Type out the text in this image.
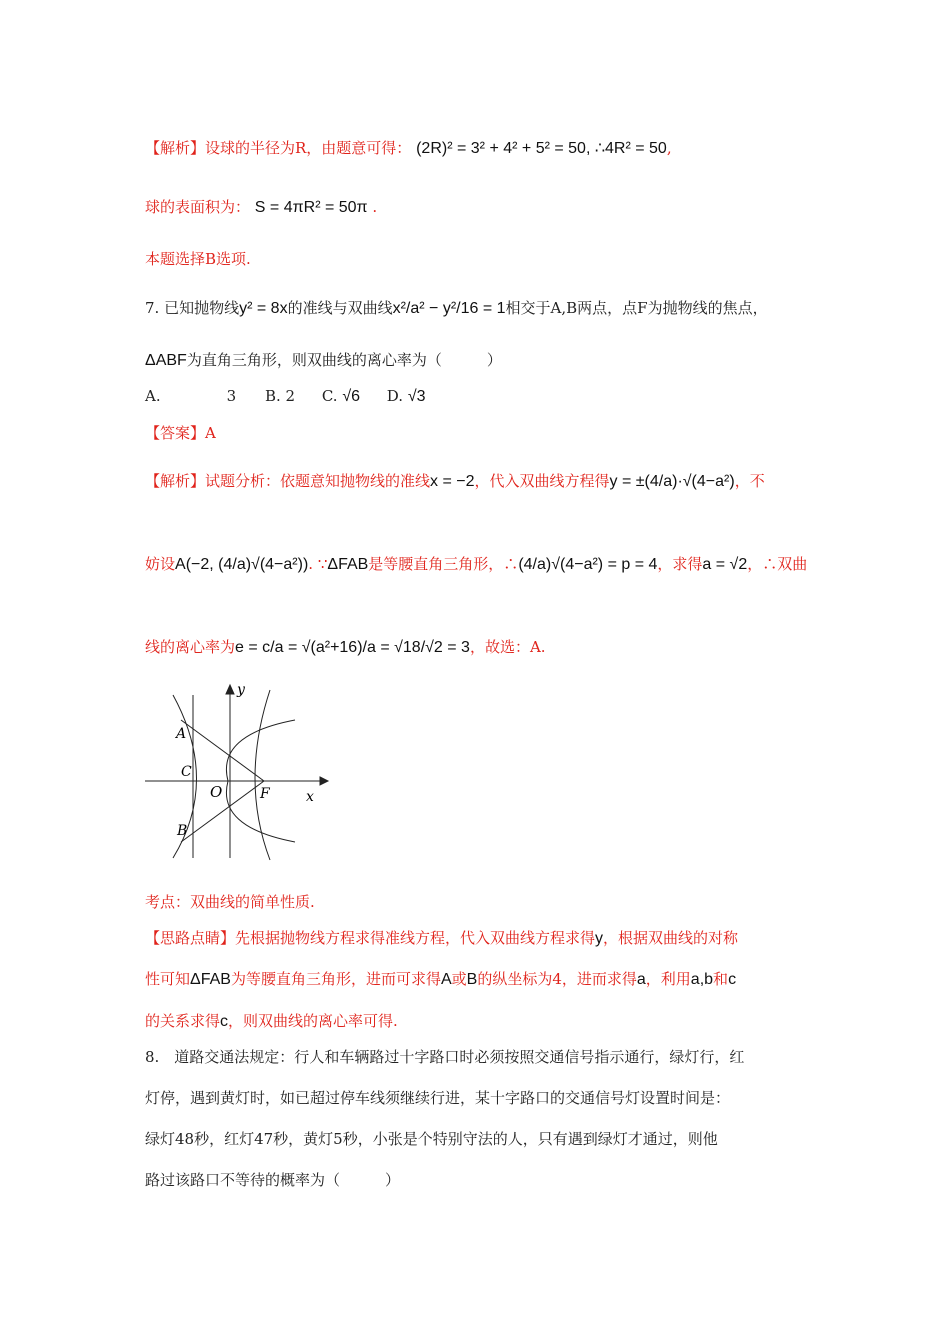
【解析】设球的半径为R，由题意可得： (2R)² = 3² + 4² + 5² = 50, ∴4R² = 50,
球的表面积为： S = 4πR² = 50π .
本题选择B选项.
7. 已知抛物线y² = 8x的准线与双曲线x²/a² − y²/16 = 1相交于A,B两点，点F为抛物线的焦点，
ΔABF为直角三角形，则双曲线的离心率为（　　　）
A.	3 B. 2 C. √6 D. √3
【答案】A
【解析】试题分析：依题意知抛物线的准线x = −2，代入双曲线方程得y = ±(4/a)·√(4−a²)，不
妨设A(−2, (4/a)√(4−a²)). ∵ΔFAB是等腰直角三角形，∴(4/a)√(4−a²) = p = 4，求得a = √2，∴双曲
线的离心率为e = c/a = √(a²+16)/a = √18/√2 = 3，故选：A.
A
C
O	F
B
x
y
考点：双曲线的简单性质.
【思路点睛】先根据抛物线方程求得准线方程，代入双曲线方程求得y，根据双曲线的对称
性可知ΔFAB为等腰直角三角形，进而可求得A或B的纵坐标为4，进而求得a，利用a,b和c
的关系求得c，则双曲线的离心率可得.
8.　道路交通法规定：行人和车辆路过十字路口时必须按照交通信号指示通行，绿灯行，红
灯停，遇到黄灯时，如已超过停车线须继续行进，某十字路口的交通信号灯设置时间是：
绿灯48秒，红灯47秒，黄灯5秒，小张是个特别守法的人，只有遇到绿灯才通过，则他
路过该路口不等待的概率为（　　　）
